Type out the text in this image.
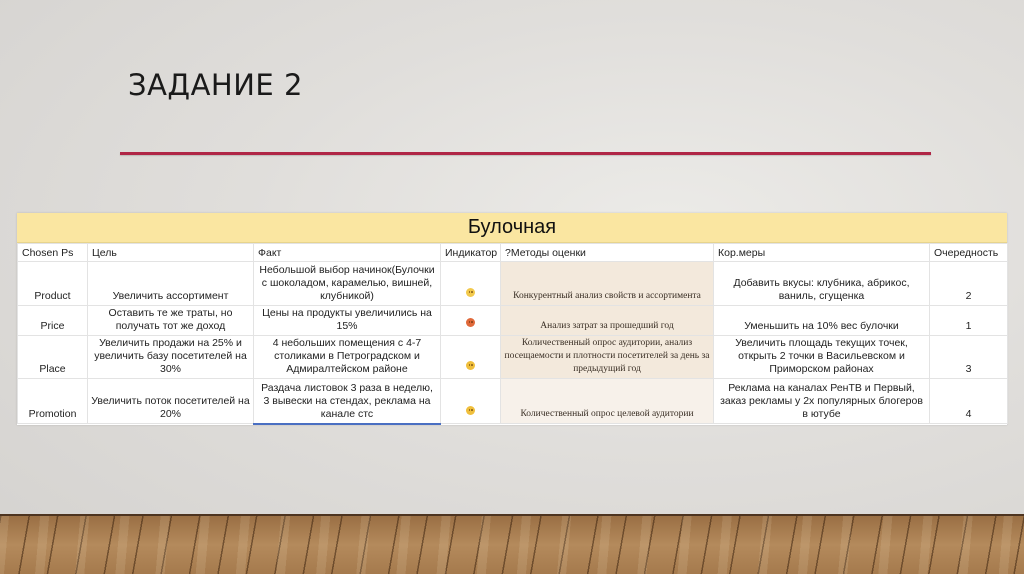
ЗАДАНИЕ 2
Булочная
Chosen Ps	Цель	Факт	Индикатор	?Методы оценки	Кор.меры	Очередность
Product	Увеличить ассортимент	Небольшой выбор начинок(Булочки с шоколадом, карамелью, вишней, клубникой)		Конкурентный анализ свойств и ассортимента	Добавить вкусы: клубника, абрикос, ваниль, сгущенка	2
Price	Оставить те же траты, но получать тот же доход	Цены на продукты увеличились на 15%		Анализ затрат за прошедший год	Уменьшить на 10% вес булочки	1
Place	Увеличить продажи на 25% и увеличить базу посетителей на 30%	4 небольших помещения с 4-7 столиками в Петроградском и Адмиралтейском районе		Количественный опрос аудитории, анализ посещаемости и плотности посетителей за день за предыдущий год	Увеличить площадь текущих точек, открыть 2 точки в Васильевском и Приморском районах	3
Promotion	Увеличить поток посетителей на 20%	Раздача листовок 3 раза в неделю, 3 вывески на стендах, реклама на канале стс		Количественный опрос целевой аудитории	Реклама на каналах РенТВ и Первый, заказ рекламы у 2х популярных блогеров в ютубе	4
